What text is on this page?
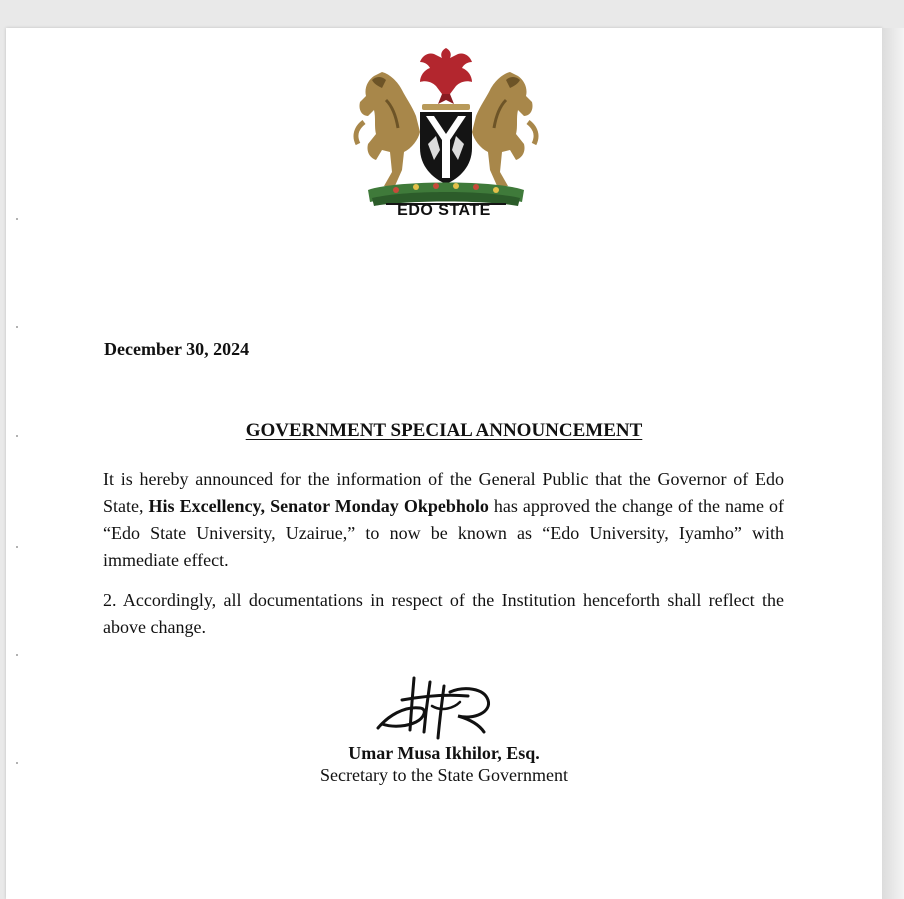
EDO STATE
December 30, 2024
GOVERNMENT SPECIAL ANNOUNCEMENT
It is hereby announced for the information of the General Public that the Governor of Edo State, His Excellency, Senator Monday Okpebholo has approved the change of the name of “Edo State University, Uzairue,” to now be known as “Edo University, Iyamho” with immediate effect.
2. Accordingly, all documentations in respect of the Institution henceforth shall reflect the above change.
Umar Musa Ikhilor, Esq.
Secretary to the State Government
